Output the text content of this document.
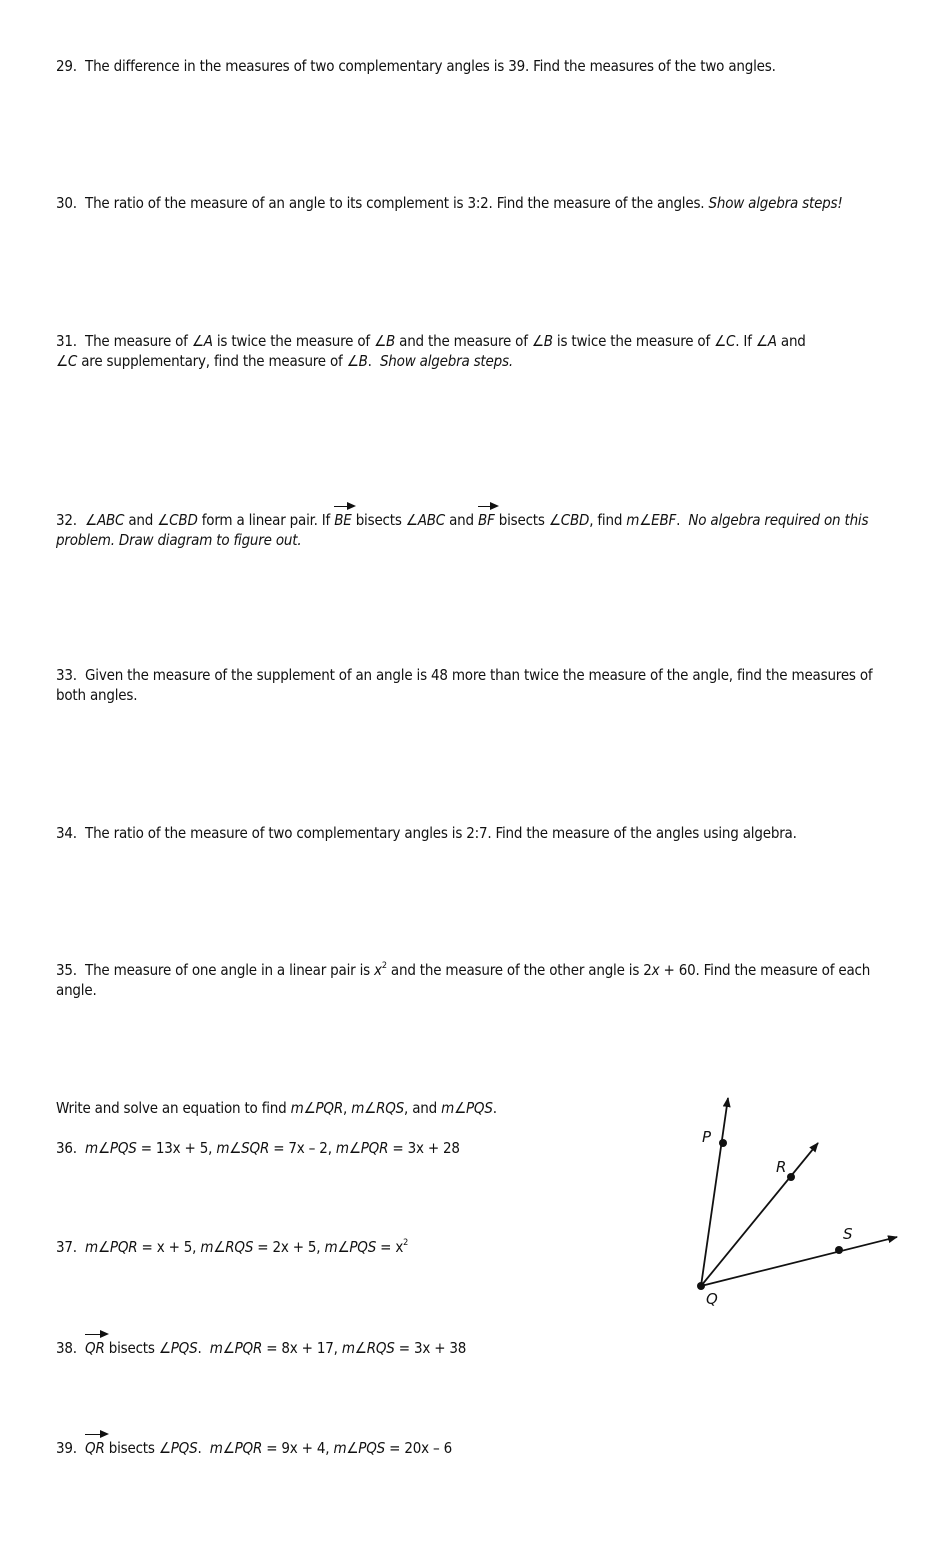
29. The difference in the measures of two complementary angles is 39. Find the measures of the two angles.
30. The ratio of the measure of an angle to its complement is 3:2. Find the measure of the angles. Show algebra steps!
31. The measure of ∠A is twice the measure of ∠B and the measure of ∠B is twice the measure of ∠C. If ∠A and
∠C are supplementary, find the measure of ∠B. Show algebra steps.
32. ∠ABC and ∠CBD form a linear pair. If BE bisects ∠ABC and BF bisects ∠CBD, find m∠EBF. No algebra required on this problem. Draw diagram to figure out.
33. Given the measure of the supplement of an angle is 48 more than twice the measure of the angle, find the measures of both angles.
34. The ratio of the measure of two complementary angles is 2:7. Find the measure of the angles using algebra.
35. The measure of one angle in a linear pair is $x^2$ and the measure of the other angle is 2x + 60. Find the measure of each angle.
Write and solve an equation to find m∠PQR, m∠RQS, and m∠PQS.
36. m∠PQS = 13x + 5, m∠SQR = 7x – 2, m∠PQR = 3x + 28
37. m∠PQR = x + 5, m∠RQS = 2x + 5, m∠PQS = $x^2$
38. QR bisects ∠PQS. m∠PQR = 8x + 17, m∠RQS = 3x + 38
39. QR bisects ∠PQS. m∠PQR = 9x + 4, m∠PQS = 20x – 6
P
R
S
Q
